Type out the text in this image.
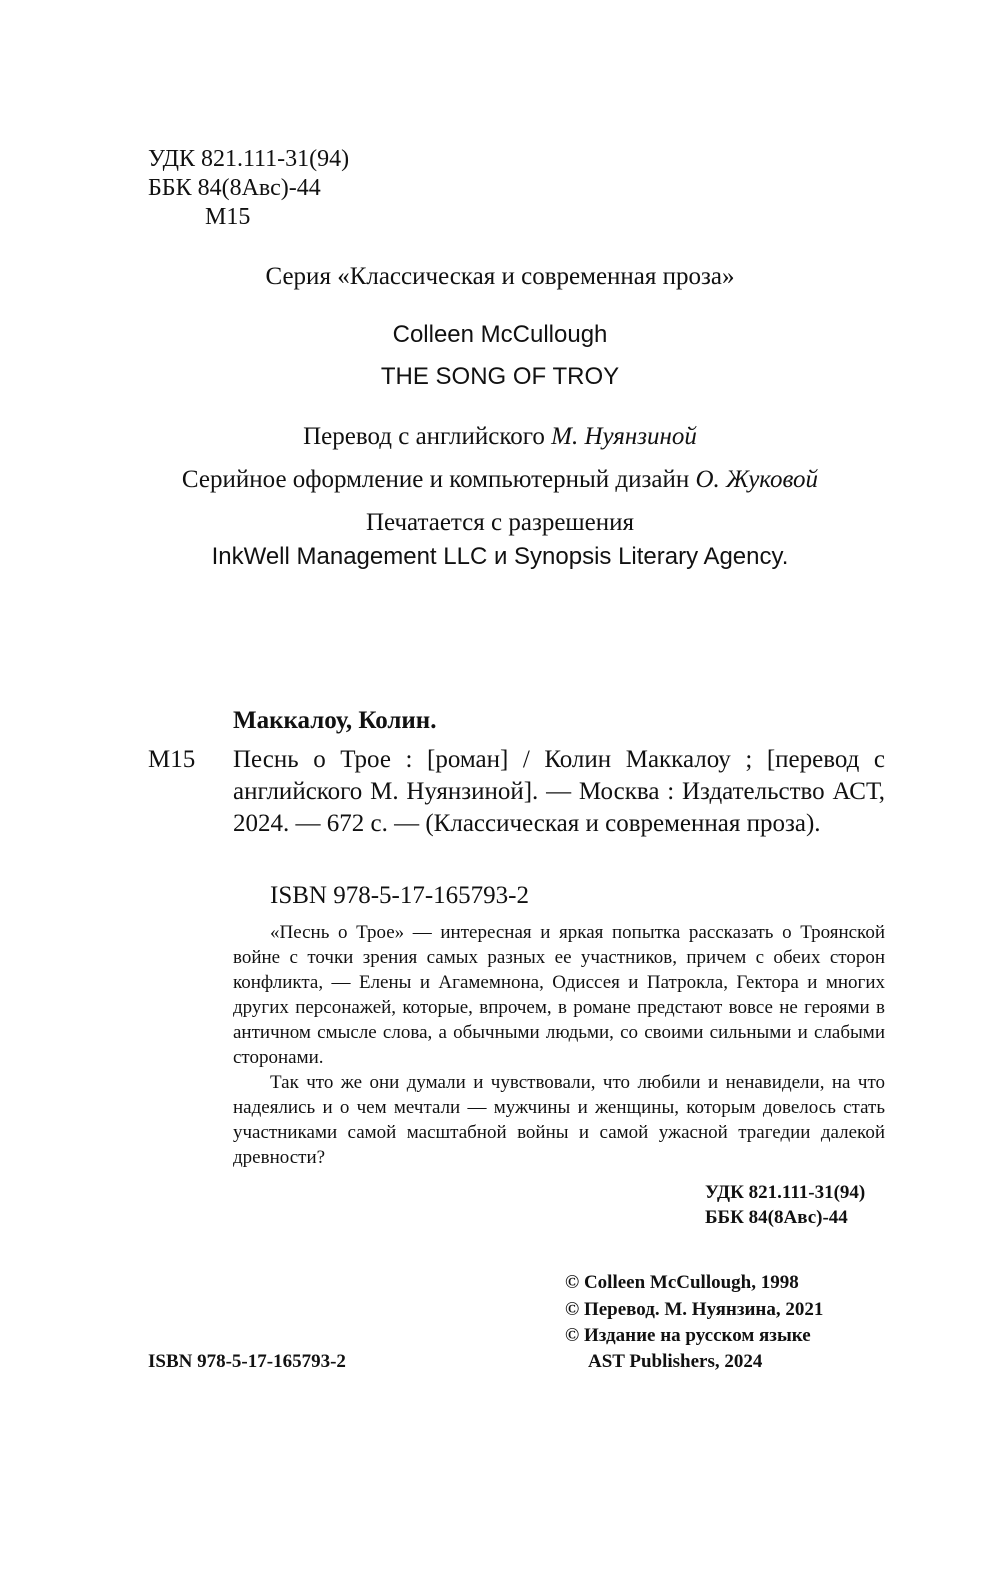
УДК 821.111-31(94)
ББК 84(8Авс)-44
М15
Серия «Классическая и современная проза»
Colleen McCullough
THE SONG OF TROY
Перевод с английского М. Нуянзиной
Серийное оформление и компьютерный дизайн О. Жуковой
Печатается с разрешения
InkWell Management LLC и Synopsis Literary Agency.
Маккалоу, Колин.
М15 Песнь о Трое : [роман] / Колин Маккалоу ; [перевод с английского М. Нуянзиной]. — Москва : Издательство АСТ, 2024. — 672 с. — (Классическая и современная проза).
ISBN 978-5-17-165793-2

«Песнь о Трое» — интересная и яркая попытка рассказать о Троянской войне с точки зрения самых разных ее участников, причем с обеих сторон конфликта, — Елены и Агамемнона, Одиссея и Патрокла, Гектора и многих других персонажей, которые, впрочем, в романе предстают вовсе не героями в античном смысле слова, а обычными людьми, со своими сильными и слабыми сторонами.

Так что же они думали и чувствовали, что любили и ненавидели, на что надеялись и о чем мечтали — мужчины и женщины, которым довелось стать участниками самой масштабной войны и самой ужасной трагедии далекой древности?

УДК 821.111-31(94)
ББК 84(8Авс)-44
© Colleen McCullough, 1998
© Перевод. М. Нуянзина, 2021
© Издание на русском языке
AST Publishers, 2024
ISBN 978-5-17-165793-2
